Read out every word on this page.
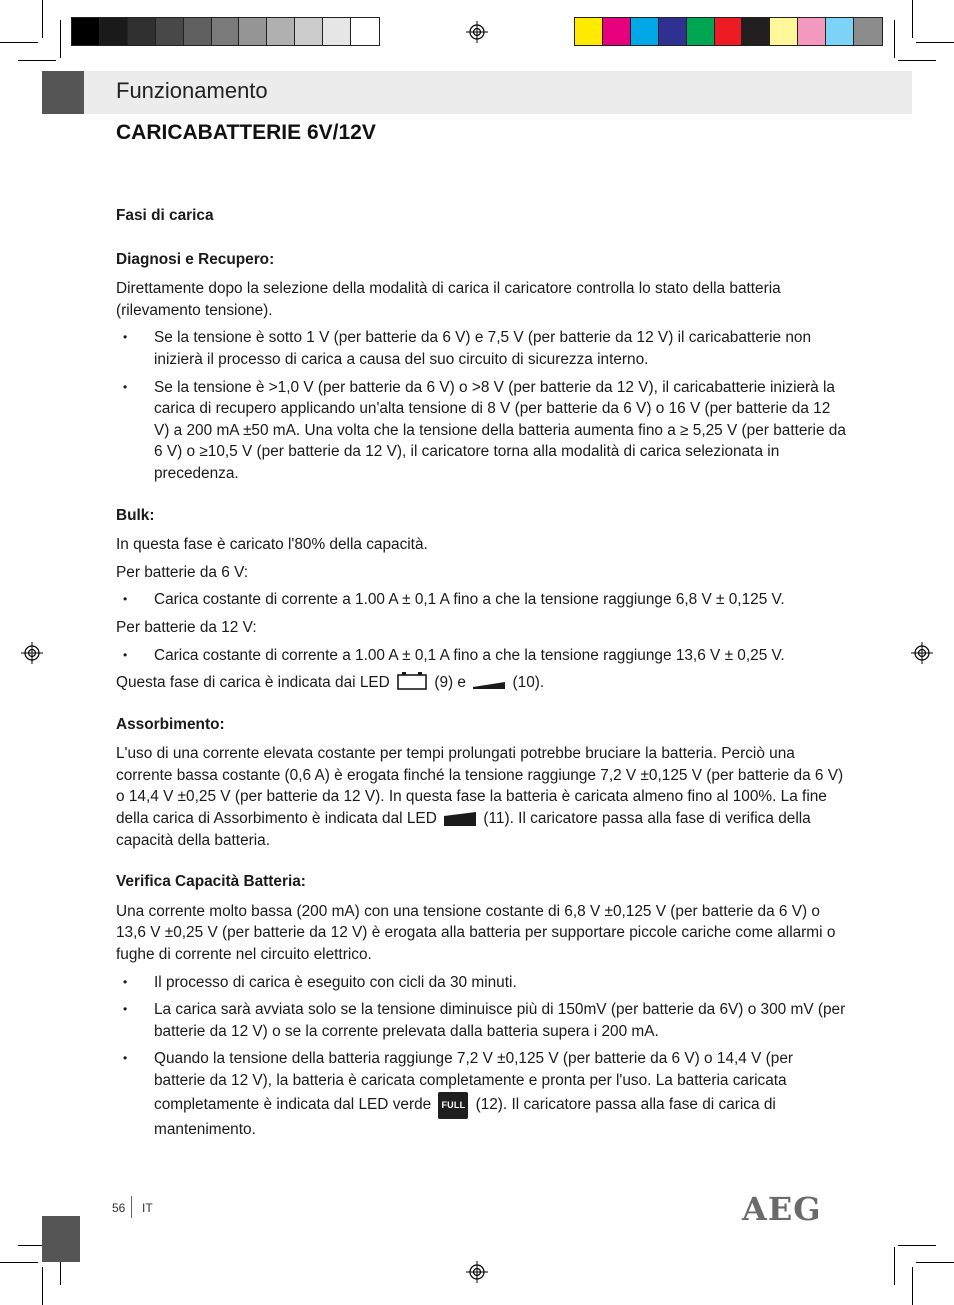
Funzionamento
CARICABATTERIE 6V/12V
Fasi di carica
Diagnosi e Recupero:
Direttamente dopo la selezione della modalità di carica il caricatore controlla lo stato della batteria (rilevamento tensione).
• Se la tensione è sotto 1 V (per batterie da 6 V) e 7,5 V (per batterie da 12 V) il caricabatterie non inizierà il processo di carica a causa del suo circuito di sicurezza interno.
• Se la tensione è >1,0 V (per batterie da 6 V) o >8 V (per batterie da 12 V), il caricabatterie inizierà la carica di recupero applicando un'alta tensione di 8 V (per batterie da 6 V) o 16 V (per batterie da 12 V) a 200 mA ±50 mA. Una volta che la tensione della batteria aumenta fino a ≥ 5,25 V (per batterie da 6 V) o ≥10,5 V (per batterie da 12 V), il caricatore torna alla modalità di carica selezionata in precedenza.
Bulk:
In questa fase è caricato l'80% della capacità.
Per batterie da 6 V:
• Carica costante di corrente a 1.00 A ± 0,1 A fino a che la tensione raggiunge 6,8 V ± 0,125 V.
Per batterie da 12 V:
• Carica costante di corrente a 1.00 A ± 0,1 A fino a che la tensione raggiunge 13,6 V ± 0,25 V.
Questa fase di carica è indicata dai LED	(9) e	(10).
Assorbimento:
L'uso di una corrente elevata costante per tempi prolungati potrebbe bruciare la batteria. Perciò una corrente bassa costante (0,6 A) è erogata finché la tensione raggiunge 7,2 V ±0,125 V (per batterie da 6 V) o 14,4 V ±0,25 V (per batterie da 12 V). In questa fase la batteria è caricata almeno fino al 100%. La fine della carica di Assorbimento è indicata dal LED	(11). Il caricatore passa alla fase di verifica della capacità della batteria.
Verifica Capacità Batteria:
Una corrente molto bassa (200 mA) con una tensione costante di 6,8 V ±0,125 V (per batterie da 6 V) o 13,6 V ±0,25 V (per batterie da 12 V) è erogata alla batteria per supportare piccole cariche come allarmi o fughe di corrente nel circuito elettrico.
• Il processo di carica è eseguito con cicli da 30 minuti.
• La carica sarà avviata solo se la tensione diminuisce più di 150mV (per batterie da 6V) o 300 mV (per batterie da 12 V) o se la corrente prelevata dalla batteria supera i 200 mA.
• Quando la tensione della batteria raggiunge 7,2 V ±0,125 V (per batterie da 6 V) o 14,4 V (per batterie da 12 V), la batteria è caricata completamente e pronta per l'uso. La batteria caricata completamente è indicata dal LED verde FULL (12). Il caricatore passa alla fase di carica di mantenimento.
56 IT	AEG
